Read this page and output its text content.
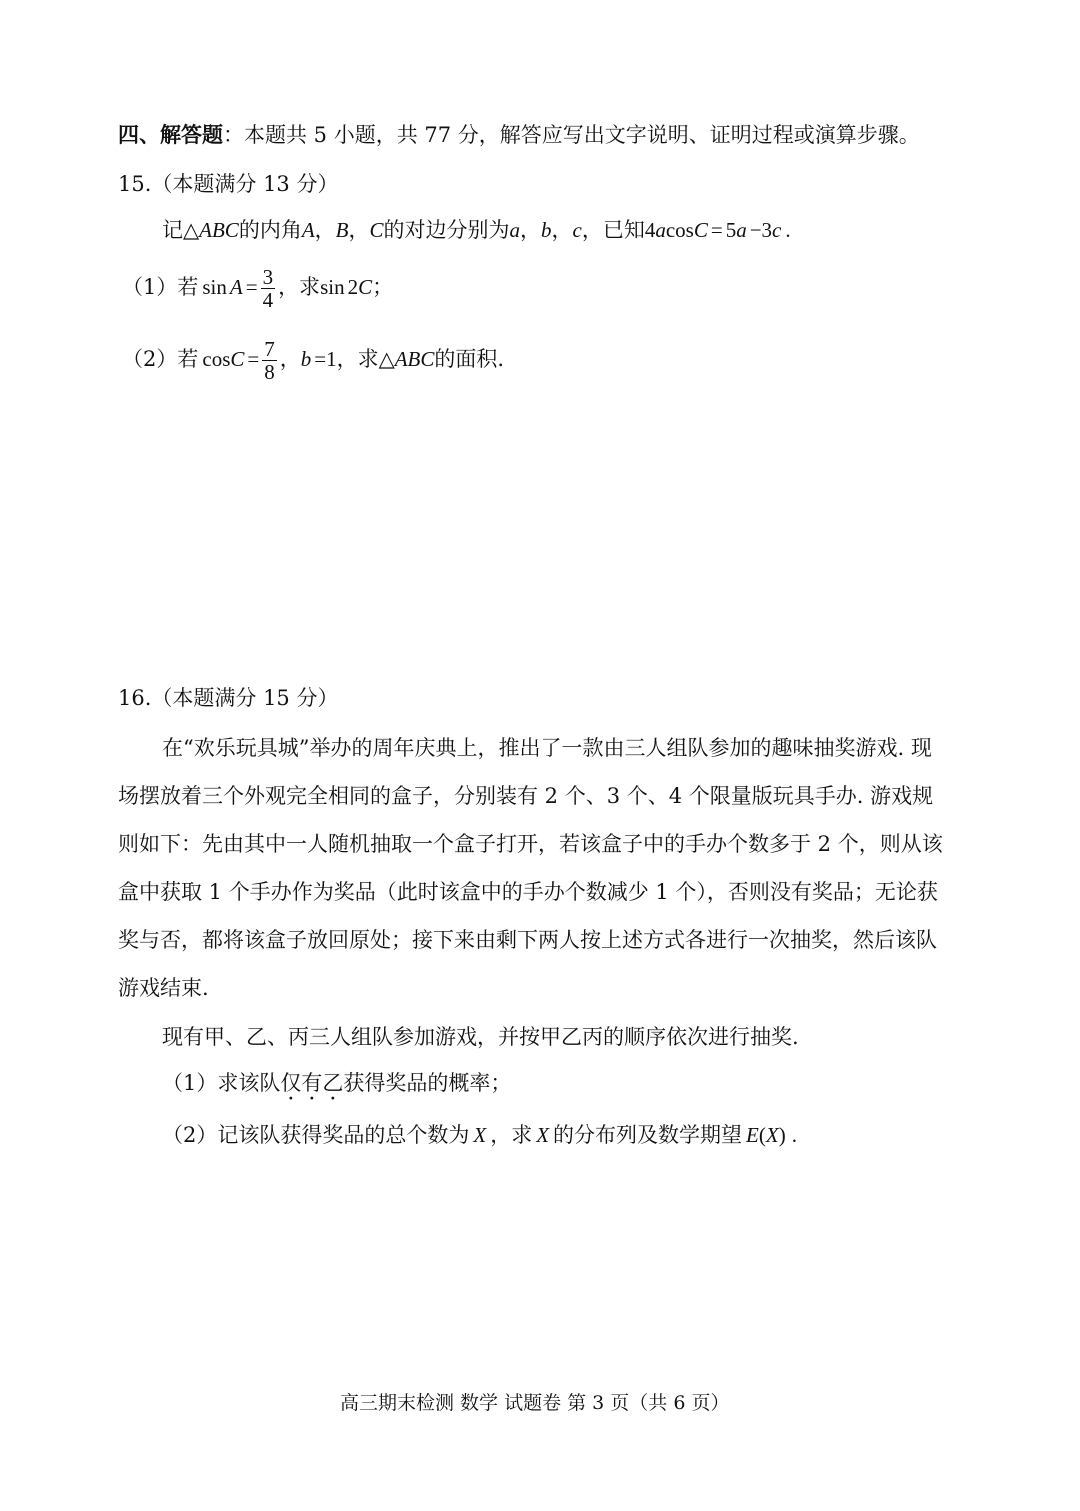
四、解答题：本题共 5 小题，共 77 分，解答应写出文字说明、证明过程或演算步骤。
15.（本题满分 13 分）
记△ABC的内角A，B，C的对边分别为a，b，c，已知4acosC = 5a −3c .
（1）若 $\sin A = \frac{3}{4}$ ，求sin 2C；
（2）若 $\cos C = \frac{7}{8}$ ，b =1，求△ABC的面积.
16.（本题满分 15 分）
在“欢乐玩具城”举办的周年庆典上，推出了一款由三人组队参加的趣味抽奖游戏. 现
场摆放着三个外观完全相同的盒子，分别装有 2 个、3 个、4 个限量版玩具手办. 游戏规
则如下：先由其中一人随机抽取一个盒子打开，若该盒子中的手办个数多于 2 个，则从该
盒中获取 1 个手办作为奖品（此时该盒中的手办个数减少 1 个），否则没有奖品；无论获
奖与否，都将该盒子放回原处；接下来由剩下两人按上述方式各进行一次抽奖，然后该队
游戏结束.
现有甲、乙、丙三人组队参加游戏，并按甲乙丙的顺序依次进行抽奖.
（1）求该队仅有乙获得奖品的概率；
（2）记该队获得奖品的总个数为 X ，求 X 的分布列及数学期望 E(X) .
高三期末检测 数学 试题卷 第 3 页（共 6 页）
